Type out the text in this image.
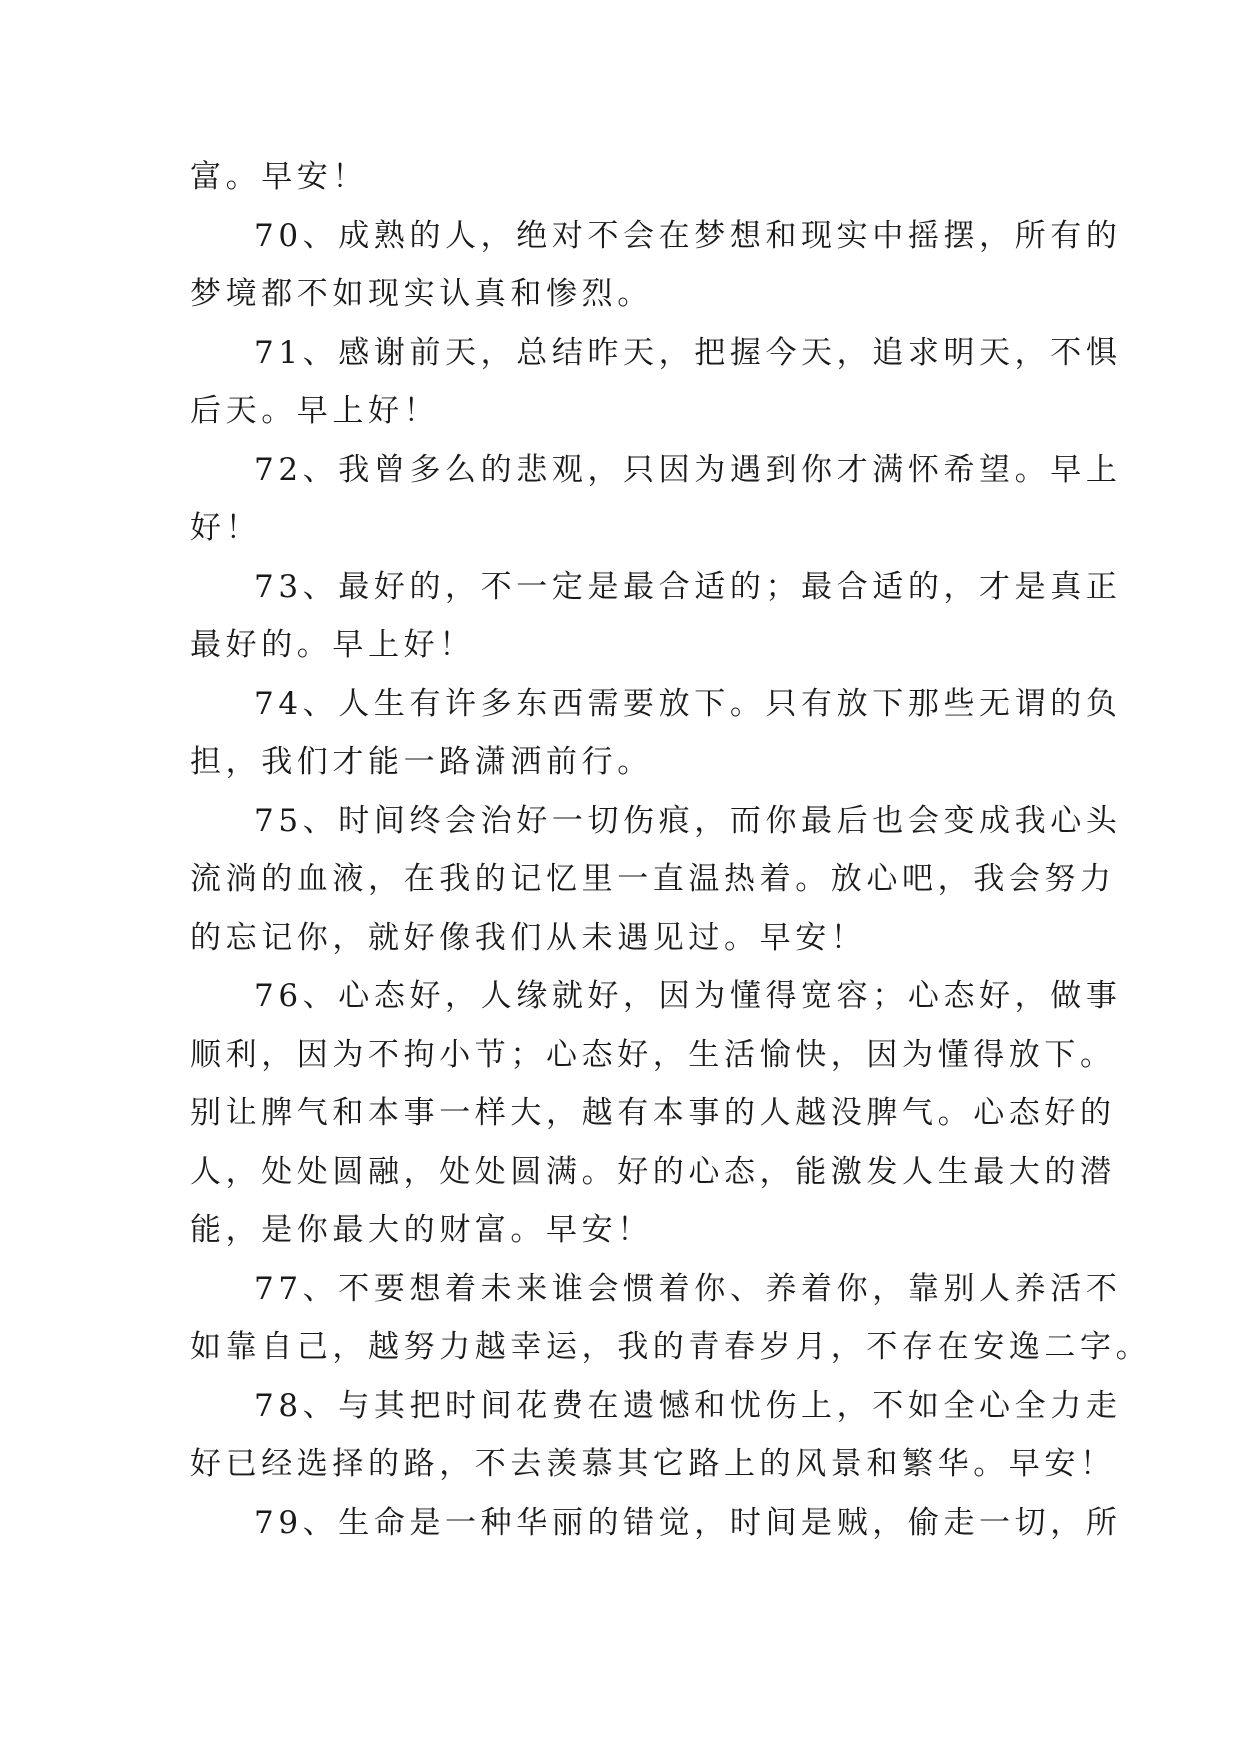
富。早安！

70、成熟的人，绝对不会在梦想和现实中摇摆，所有的
梦境都不如现实认真和惨烈。

71、感谢前天，总结昨天，把握今天，追求明天，不惧
后天。早上好！

72、我曾多么的悲观，只因为遇到你才满怀希望。早上
好！

73、最好的，不一定是最合适的；最合适的，才是真正
最好的。早上好！

74、人生有许多东西需要放下。只有放下那些无谓的负
担，我们才能一路潇洒前行。

75、时间终会治好一切伤痕，而你最后也会变成我心头
流淌的血液，在我的记忆里一直温热着。放心吧，我会努力
的忘记你，就好像我们从未遇见过。早安！

76、心态好，人缘就好，因为懂得宽容；心态好，做事
顺利，因为不拘小节；心态好，生活愉快，因为懂得放下。
别让脾气和本事一样大，越有本事的人越没脾气。心态好的
人，处处圆融，处处圆满。好的心态，能激发人生最大的潜
能，是你最大的财富。早安！

77、不要想着未来谁会惯着你、养着你，靠别人养活不
如靠自己，越努力越幸运，我的青春岁月，不存在安逸二字。

78、与其把时间花费在遗憾和忧伤上，不如全心全力走
好已经选择的路，不去羡慕其它路上的风景和繁华。早安！

79、生命是一种华丽的错觉，时间是贼，偷走一切，所
